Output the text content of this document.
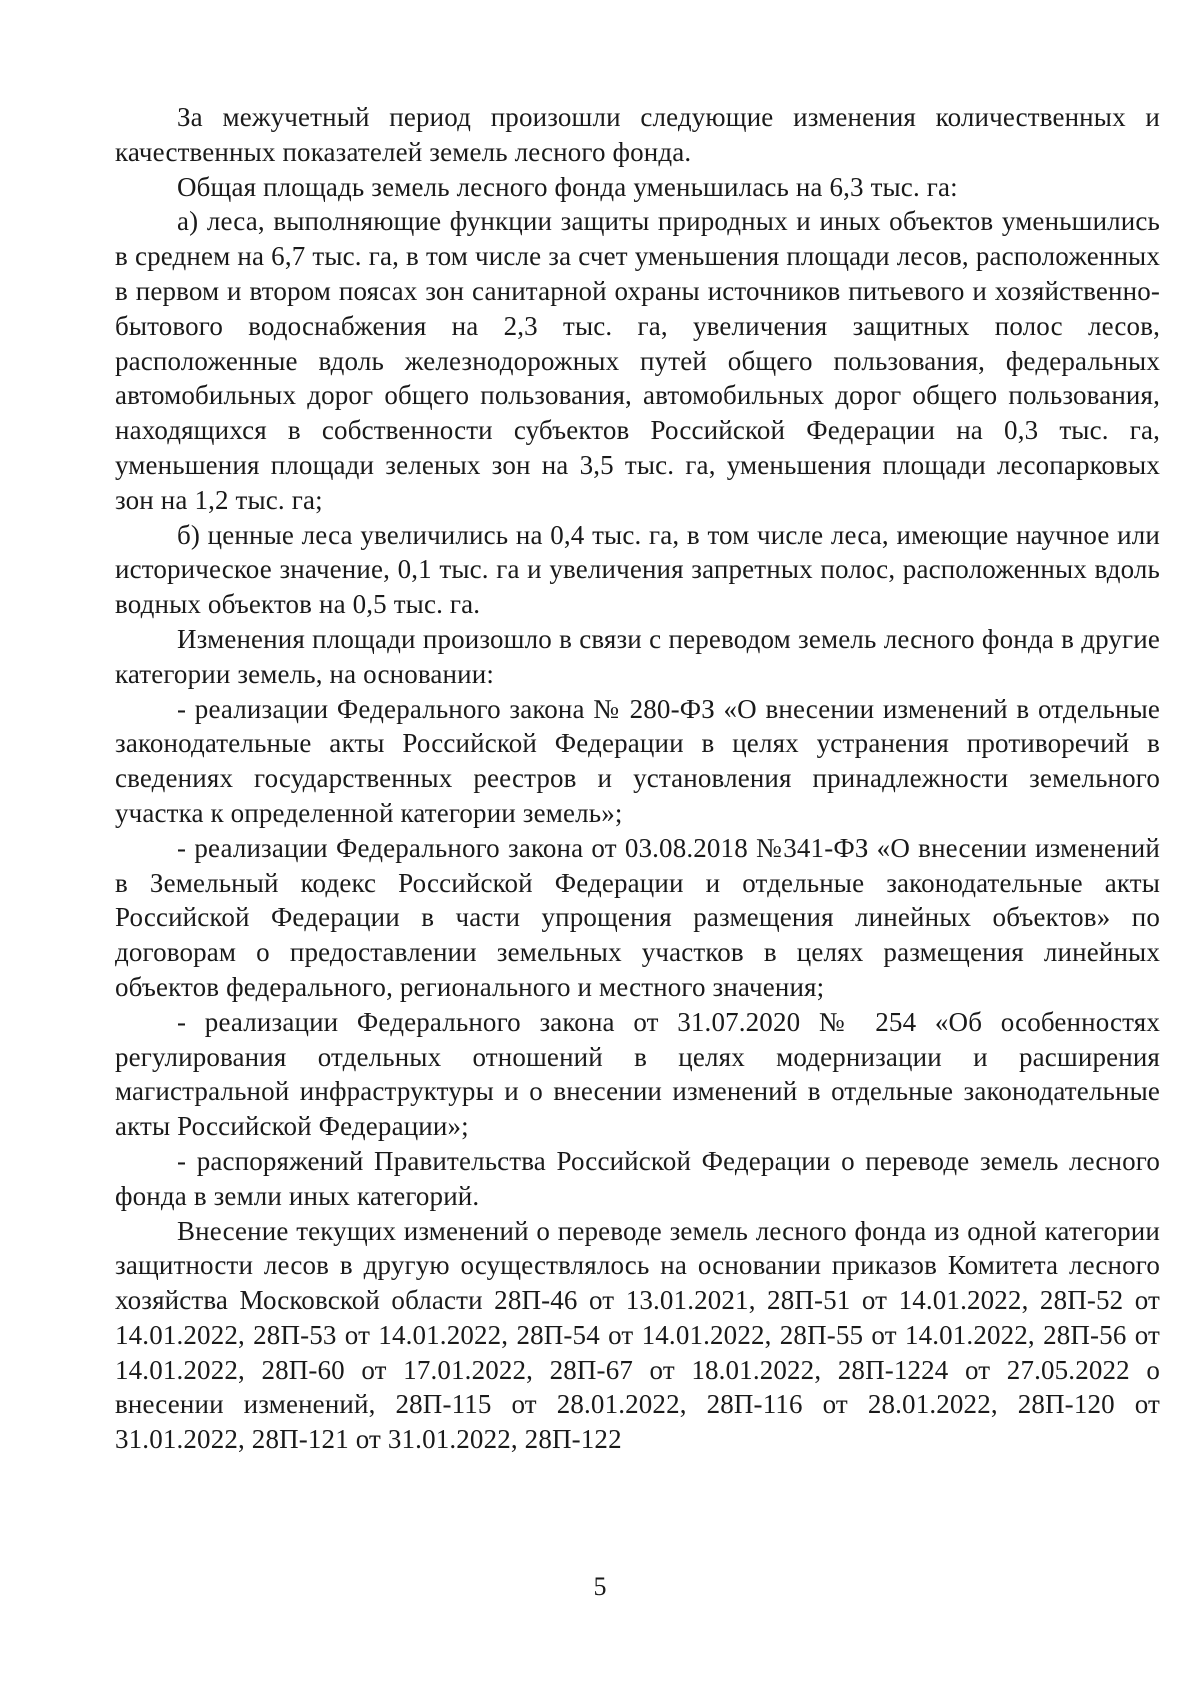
За межучетный период произошли следующие изменения количественных и качественных показателей земель лесного фонда.

Общая площадь земель лесного фонда уменьшилась на 6,3 тыс. га:

а) леса, выполняющие функции защиты природных и иных объектов уменьшились в среднем на 6,7 тыс. га, в том числе за счет уменьшения площади лесов, расположенных в первом и втором поясах зон санитарной охраны источников питьевого и хозяйственно-бытового водоснабжения на 2,3 тыс. га, увеличения защитных полос лесов, расположенные вдоль железнодорожных путей общего пользования, федеральных автомобильных дорог общего пользования, автомобильных дорог общего пользования, находящихся в собственности субъектов Российской Федерации на 0,3 тыс. га, уменьшения площади зеленых зон на 3,5 тыс. га, уменьшения площади лесопарковых зон на 1,2 тыс. га;

б) ценные леса увеличились на 0,4 тыс. га, в том числе леса, имеющие научное или историческое значение, 0,1 тыс. га и увеличения запретных полос, расположенных вдоль водных объектов на 0,5 тыс. га.

Изменения площади произошло в связи с переводом земель лесного фонда в другие категории земель, на основании:

- реализации Федерального закона № 280-ФЗ «О внесении изменений в отдельные законодательные акты Российской Федерации в целях устранения противоречий в сведениях государственных реестров и установления принадлежности земельного участка к определенной категории земель»;

- реализации Федерального закона от 03.08.2018 №341-ФЗ «О внесении изменений в Земельный кодекс Российской Федерации и отдельные законодательные акты Российской Федерации в части упрощения размещения линейных объектов» по договорам о предоставлении земельных участков в целях размещения линейных объектов федерального, регионального и местного значения;

- реализации Федерального закона от 31.07.2020 № 254 «Об особенностях регулирования отдельных отношений в целях модернизации и расширения магистральной инфраструктуры и о внесении изменений в отдельные законодательные акты Российской Федерации»;

- распоряжений Правительства Российской Федерации о переводе земель лесного фонда в земли иных категорий.

Внесение текущих изменений о переводе земель лесного фонда из одной категории защитности лесов в другую осуществлялось на основании приказов Комитета лесного хозяйства Московской области 28П-46 от 13.01.2021, 28П-51 от 14.01.2022, 28П-52 от 14.01.2022, 28П-53 от 14.01.2022, 28П-54 от 14.01.2022, 28П-55 от 14.01.2022, 28П-56 от 14.01.2022, 28П-60 от 17.01.2022, 28П-67 от 18.01.2022, 28П-1224 от 27.05.2022 о внесении изменений, 28П-115 от 28.01.2022, 28П-116 от 28.01.2022, 28П-120 от 31.01.2022, 28П-121 от 31.01.2022, 28П-122

5
